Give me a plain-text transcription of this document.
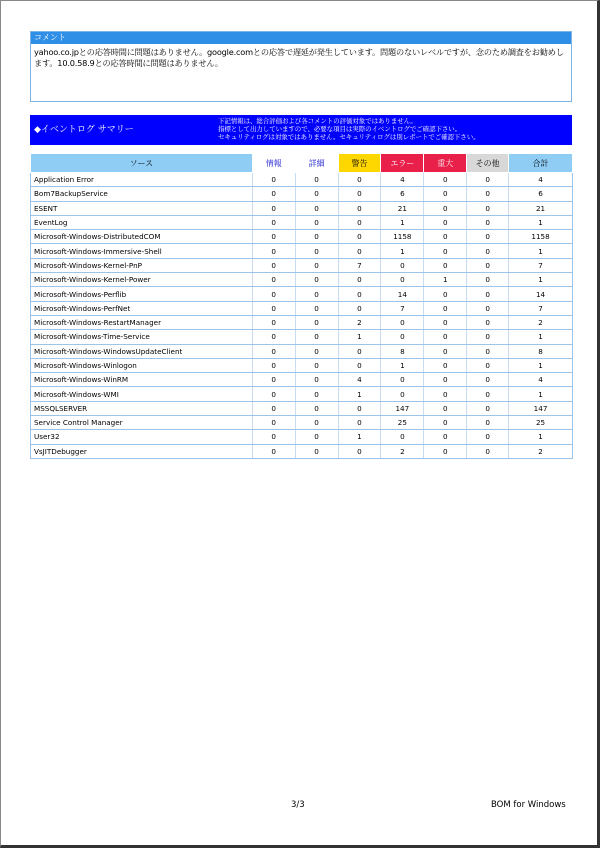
コメント
yahoo.co.jpとの応答時間に問題はありません。google.comとの応答で遅延が発生しています。問題のないレベルですが、念のため調査をお勧めします。10.0.58.9との応答時間に問題はありません。
◆イベントログ サマリー
下記情報は、総合評価および各コメントの評価対象ではありません。
指標として出力していますので、必要な項目は実際のイベントログでご確認下さい。
セキュリティログは対象ではありません。セキュリティログは別レポートでご確認下さい。
ソース	情報	詳細	警告	エラー	重大	その他	合計
Application Error	0	0	0	4	0	0	4
Bom7BackupService	0	0	0	6	0	0	6
ESENT	0	0	0	21	0	0	21
EventLog	0	0	0	1	0	0	1
Microsoft-Windows-DistributedCOM	0	0	0	1158	0	0	1158
Microsoft-Windows-Immersive-Shell	0	0	0	1	0	0	1
Microsoft-Windows-Kernel-PnP	0	0	7	0	0	0	7
Microsoft-Windows-Kernel-Power	0	0	0	0	1	0	1
Microsoft-Windows-Perflib	0	0	0	14	0	0	14
Microsoft-Windows-PerfNet	0	0	0	7	0	0	7
Microsoft-Windows-RestartManager	0	0	2	0	0	0	2
Microsoft-Windows-Time-Service	0	0	1	0	0	0	1
Microsoft-Windows-WindowsUpdateClient	0	0	0	8	0	0	8
Microsoft-Windows-Winlogon	0	0	0	1	0	0	1
Microsoft-Windows-WinRM	0	0	4	0	0	0	4
Microsoft-Windows-WMI	0	0	1	0	0	0	1
MSSQLSERVER	0	0	0	147	0	0	147
Service Control Manager	0	0	0	25	0	0	25
User32	0	0	1	0	0	0	1
VsJITDebugger	0	0	0	2	0	0	2
3/3	BOM for Windows
